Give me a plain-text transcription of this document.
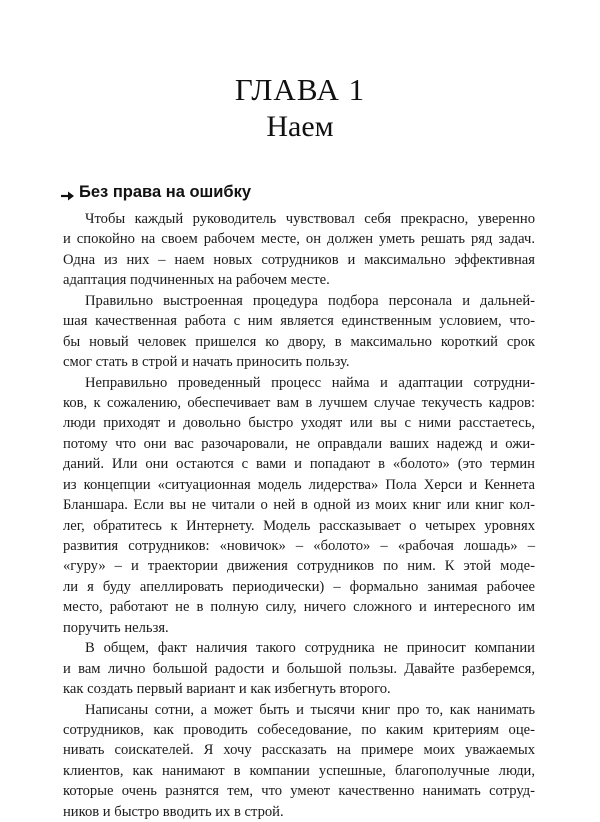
ГЛАВА 1
Наем
Без права на ошибку
Чтобы каждый руководитель чувствовал себя прекрасно, уверенно
и спокойно на своем рабочем месте, он должен уметь решать ряд задач.
Одна из них – наем новых сотрудников и максимально эффективная
адаптация подчиненных на рабочем месте.
Правильно выстроенная процедура подбора персонала и дальней-
шая качественная работа с ним является единственным условием, что-
бы новый человек пришелся ко двору, в максимально короткий срок
смог стать в строй и начать приносить пользу.
Неправильно проведенный процесс найма и адаптации сотрудни-
ков, к сожалению, обеспечивает вам в лучшем случае текучесть кадров:
люди приходят и довольно быстро уходят или вы с ними расстаетесь,
потому что они вас разочаровали, не оправдали ваших надежд и ожи-
даний. Или они остаются с вами и попадают в «болото» (это термин
из концепции «ситуационная модель лидерства» Пола Херси и Кеннета
Бланшара. Если вы не читали о ней в одной из моих книг или книг кол-
лег, обратитесь к Интернету. Модель рассказывает о четырех уровнях
развития сотрудников: «новичок» – «болото» – «рабочая лошадь» –
«гуру» – и траектории движения сотрудников по ним. К этой моде-
ли я буду апеллировать периодически) – формально занимая рабочее
место, работают не в полную силу, ничего сложного и интересного им
поручить нельзя.
В общем, факт наличия такого сотрудника не приносит компании
и вам лично большой радости и большой пользы. Давайте разберемся,
как создать первый вариант и как избегнуть второго.
Написаны сотни, а может быть и тысячи книг про то, как нанимать
сотрудников, как проводить собеседование, по каким критериям оце-
нивать соискателей. Я хочу рассказать на примере моих уважаемых
клиентов, как нанимают в компании успешные, благополучные люди,
которые очень разнятся тем, что умеют качественно нанимать сотруд-
ников и быстро вводить их в строй.
